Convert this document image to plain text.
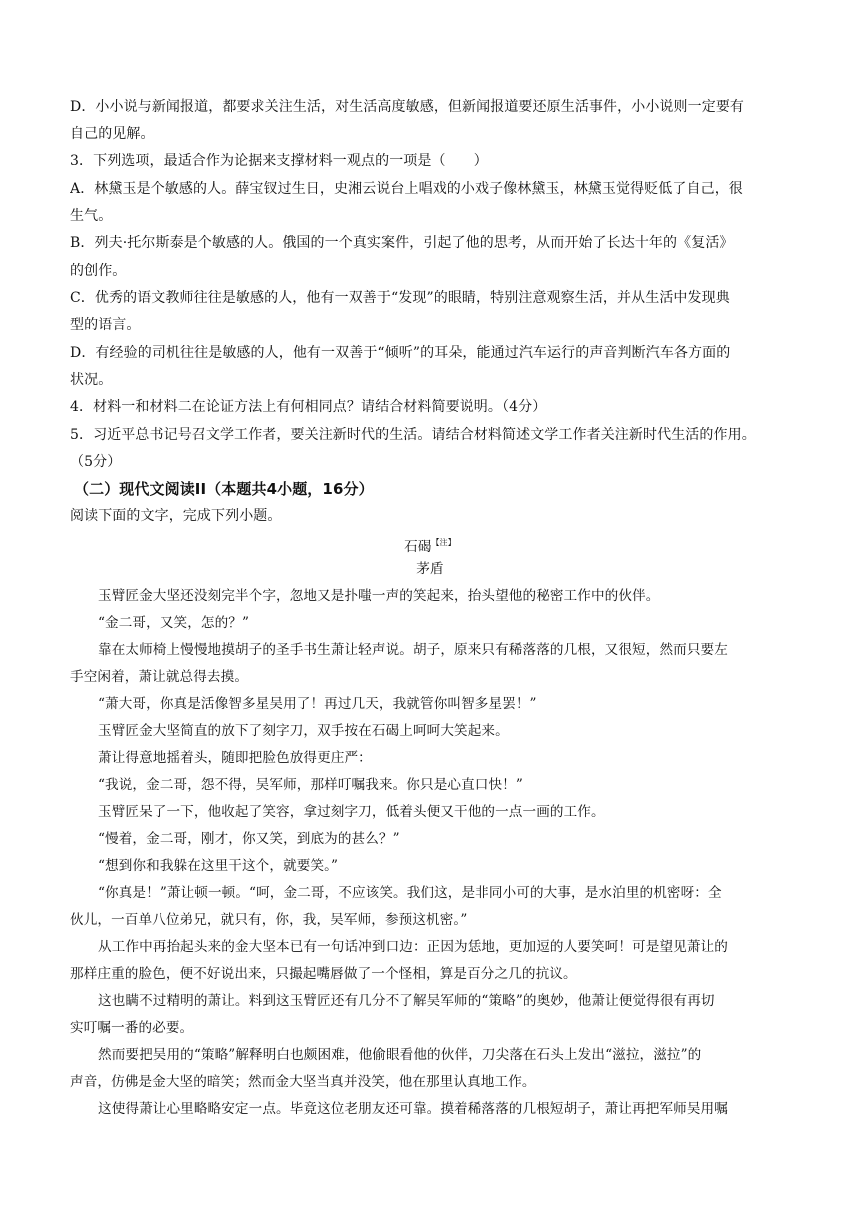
D．小小说与新闻报道，都要求关注生活，对生活高度敏感，但新闻报道要还原生活事件，小小说则一定要有
自己的见解。
3．下列选项，最适合作为论据来支撑材料一观点的一项是（　　）
A．林黛玉是个敏感的人。薛宝钗过生日，史湘云说台上唱戏的小戏子像林黛玉，林黛玉觉得贬低了自己，很
生气。
B．列夫·托尔斯泰是个敏感的人。俄国的一个真实案件，引起了他的思考，从而开始了长达十年的《复活》
的创作。
C．优秀的语文教师往往是敏感的人，他有一双善于“发现”的眼睛，特别注意观察生活，并从生活中发现典
型的语言。
D．有经验的司机往往是敏感的人，他有一双善于“倾听”的耳朵，能通过汽车运行的声音判断汽车各方面的
状况。
4．材料一和材料二在论证方法上有何相同点？请结合材料简要说明。（4分）
5．习近平总书记号召文学工作者，要关注新时代的生活。请结合材料简述文学工作者关注新时代生活的作用。
（5分）
（二）现代文阅读II（本题共4小题，16分）
阅读下面的文字，完成下列小题。
石碣$^{【注】}$
茅盾
玉臂匠金大坚还没刻完半个字，忽地又是扑嗤一声的笑起来，抬头望他的秘密工作中的伙伴。
“金二哥，又笑，怎的？”
靠在太师椅上慢慢地摸胡子的圣手书生萧让轻声说。胡子，原来只有稀落落的几根，又很短，然而只要左
手空闲着，萧让就总得去摸。
“萧大哥，你真是活像智多星吴用了！再过几天，我就管你叫智多星罢！”
玉臂匠金大坚简直的放下了刻字刀，双手按在石碣上呵呵大笑起来。
萧让得意地摇着头，随即把脸色放得更庄严：
“我说，金二哥，怨不得，吴军师，那样叮嘱我来。你只是心直口快！”
玉臂匠呆了一下，他收起了笑容，拿过刻字刀，低着头便又干他的一点一画的工作。
“慢着，金二哥，刚才，你又笑，到底为的甚么？”
“想到你和我躲在这里干这个，就要笑。”
“你真是！”萧让顿一顿。“呵，金二哥，不应该笑。我们这，是非同小可的大事，是水泊里的机密呀：全
伙儿，一百单八位弟兄，就只有，你，我，吴军师，参预这机密。”
从工作中再抬起头来的金大坚本已有一句话冲到口边：正因为恁地，更加逗的人要笑呵！可是望见萧让的
那样庄重的脸色，便不好说出来，只撮起嘴唇做了一个怪相，算是百分之几的抗议。
这也瞒不过精明的萧让。料到这玉臂匠还有几分不了解吴军师的“策略”的奥妙，他萧让便觉得很有再切
实叮嘱一番的必要。
然而要把吴用的“策略”解释明白也颇困难，他偷眼看他的伙伴，刀尖落在石头上发出“滋拉，滋拉”的
声音，仿佛是金大坚的暗笑；然而金大坚当真并没笑，他在那里认真地工作。
这使得萧让心里略略安定一点。毕竟这位老朋友还可靠。摸着稀落落的几根短胡子，萧让再把军师吴用嘱
